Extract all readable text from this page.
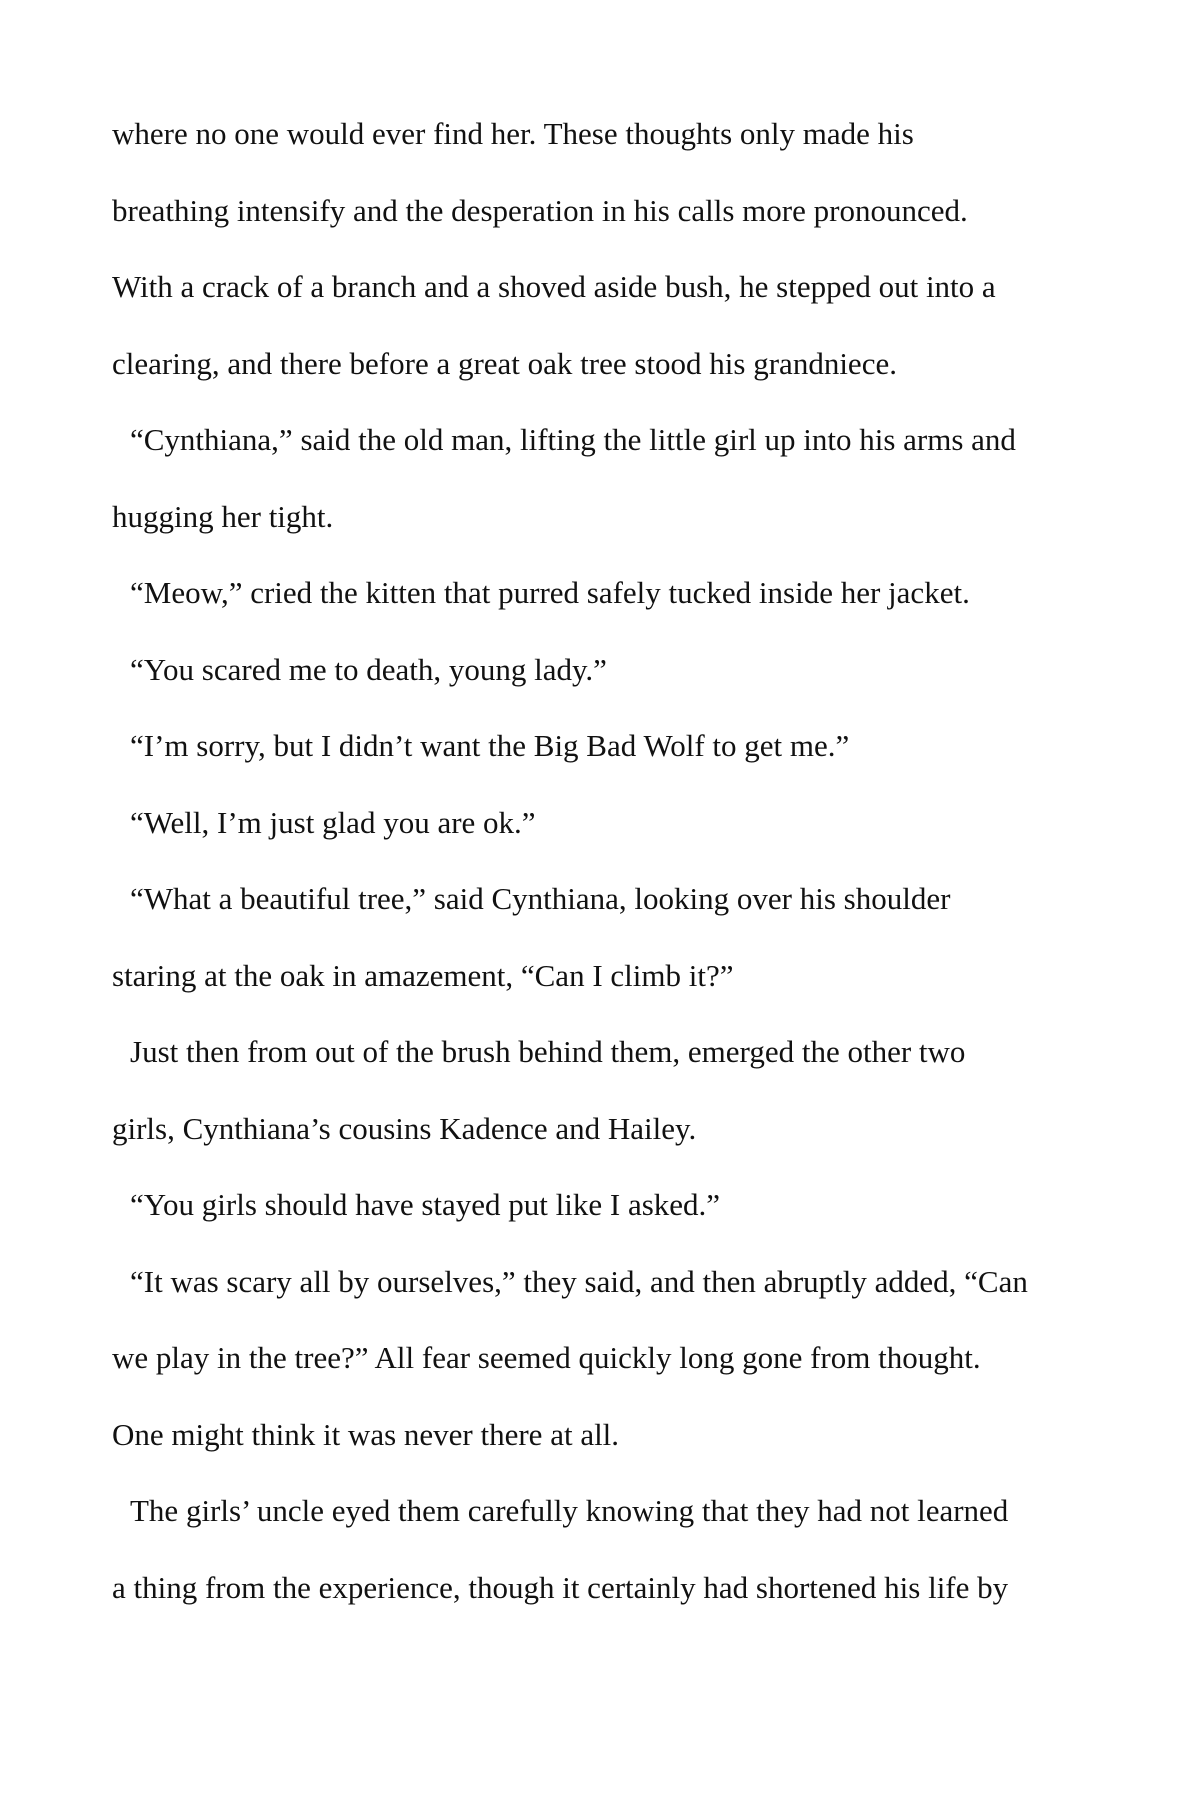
where no one would ever find her. These thoughts only made his
breathing intensify and the desperation in his calls more pronounced.
With a crack of a branch and a shoved aside bush, he stepped out into a
clearing, and there before a great oak tree stood his grandniece.
“Cynthiana,” said the old man, lifting the little girl up into his arms and
hugging her tight.
“Meow,” cried the kitten that purred safely tucked inside her jacket.
“You scared me to death, young lady.”
“I’m sorry, but I didn’t want the Big Bad Wolf to get me.”
“Well, I’m just glad you are ok.”
“What a beautiful tree,” said Cynthiana, looking over his shoulder
staring at the oak in amazement, “Can I climb it?”
Just then from out of the brush behind them, emerged the other two
girls, Cynthiana’s cousins Kadence and Hailey.
“You girls should have stayed put like I asked.”
“It was scary all by ourselves,” they said, and then abruptly added, “Can
we play in the tree?” All fear seemed quickly long gone from thought.
One might think it was never there at all.
The girls’ uncle eyed them carefully knowing that they had not learned
a thing from the experience, though it certainly had shortened his life by
